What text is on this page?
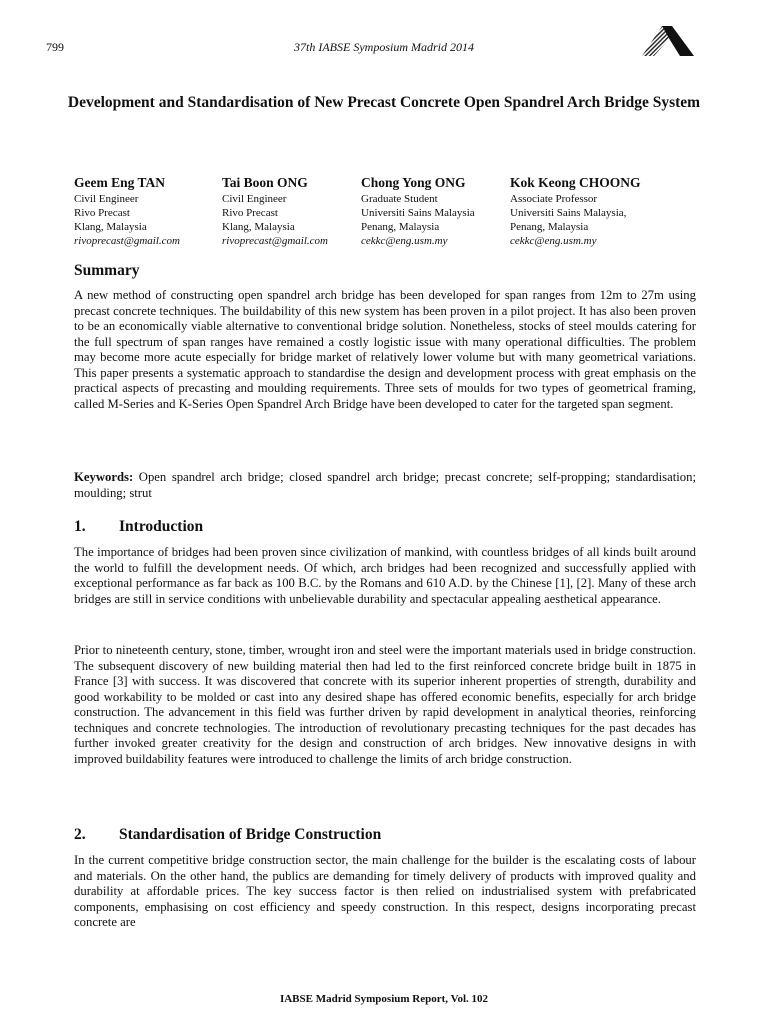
799	37th IABSE Symposium Madrid 2014
Development and Standardisation of New Precast Concrete Open Spandrel Arch Bridge System
Geem Eng TAN
Civil Engineer
Rivo Precast
Klang, Malaysia
rivoprecast@gmail.com
Tai Boon ONG
Civil Engineer
Rivo Precast
Klang, Malaysia
rivoprecast@gmail.com
Chong Yong ONG
Graduate Student
Universiti Sains Malaysia
Penang, Malaysia
cekkc@eng.usm.my
Kok Keong CHOONG
Associate Professor
Universiti Sains Malaysia,
Penang, Malaysia
cekkc@eng.usm.my
Summary

A new method of constructing open spandrel arch bridge has been developed for span ranges from 12m to 27m using precast concrete techniques. The buildability of this new system has been proven in a pilot project. It has also been proven to be an economically viable alternative to conventional bridge solution. Nonetheless, stocks of steel moulds catering for the full spectrum of span ranges have remained a costly logistic issue with many operational difficulties. The problem may become more acute especially for bridge market of relatively lower volume but with many geometrical variations. This paper presents a systematic approach to standardise the design and development process with great emphasis on the practical aspects of precasting and moulding requirements. Three sets of moulds for two types of geometrical framing, called M-Series and K-Series Open Spandrel Arch Bridge have been developed to cater for the targeted span segment.

Keywords: Open spandrel arch bridge; closed spandrel arch bridge; precast concrete; self-propping; standardisation; moulding; strut

1. Introduction

The importance of bridges had been proven since civilization of mankind, with countless bridges of all kinds built around the world to fulfill the development needs. Of which, arch bridges had been recognized and successfully applied with exceptional performance as far back as 100 B.C. by the Romans and 610 A.D. by the Chinese [1], [2]. Many of these arch bridges are still in service conditions with unbelievable durability and spectacular appealing aesthetical appearance.

Prior to nineteenth century, stone, timber, wrought iron and steel were the important materials used in bridge construction. The subsequent discovery of new building material then had led to the first reinforced concrete bridge built in 1875 in France [3] with success. It was discovered that concrete with its superior inherent properties of strength, durability and good workability to be molded or cast into any desired shape has offered economic benefits, especially for arch bridge construction. The advancement in this field was further driven by rapid development in analytical theories, reinforcing techniques and concrete technologies. The introduction of revolutionary precasting techniques for the past decades has further invoked greater creativity for the design and construction of arch bridges. New innovative designs in with improved buildability features were introduced to challenge the limits of arch bridge construction.

2. Standardisation of Bridge Construction

In the current competitive bridge construction sector, the main challenge for the builder is the escalating costs of labour and materials. On the other hand, the publics are demanding for timely delivery of products with improved quality and durability at affordable prices. The key success factor is then relied on industrialised system with prefabricated components, emphasising on cost efficiency and speedy construction. In this respect, designs incorporating precast concrete are

IABSE Madrid Symposium Report, Vol. 102
